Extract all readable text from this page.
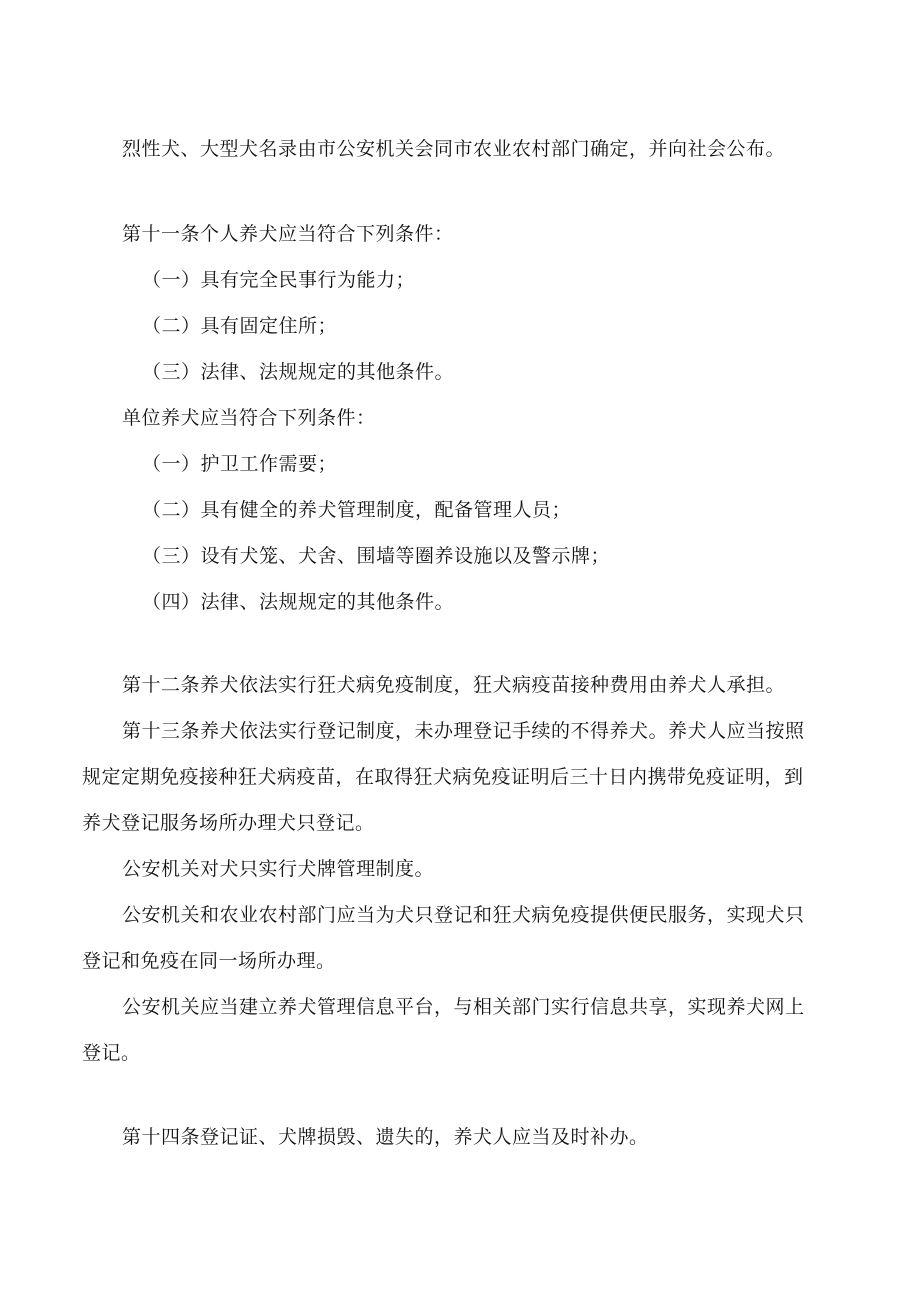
烈性犬、大型犬名录由市公安机关会同市农业农村部门确定，并向社会公布。
第十一条个人养犬应当符合下列条件：
（一）具有完全民事行为能力；
（二）具有固定住所；
（三）法律、法规规定的其他条件。
单位养犬应当符合下列条件：
（一）护卫工作需要；
（二）具有健全的养犬管理制度，配备管理人员；
（三）设有犬笼、犬舍、围墙等圈养设施以及警示牌；
（四）法律、法规规定的其他条件。
第十二条养犬依法实行狂犬病免疫制度，狂犬病疫苗接种费用由养犬人承担。
第十三条养犬依法实行登记制度，未办理登记手续的不得养犬。养犬人应当按照
规定定期免疫接种狂犬病疫苗，在取得狂犬病免疫证明后三十日内携带免疫证明，到
养犬登记服务场所办理犬只登记。
公安机关对犬只实行犬牌管理制度。
公安机关和农业农村部门应当为犬只登记和狂犬病免疫提供便民服务，实现犬只
登记和免疫在同一场所办理。
公安机关应当建立养犬管理信息平台，与相关部门实行信息共享，实现养犬网上
登记。
第十四条登记证、犬牌损毁、遗失的，养犬人应当及时补办。
